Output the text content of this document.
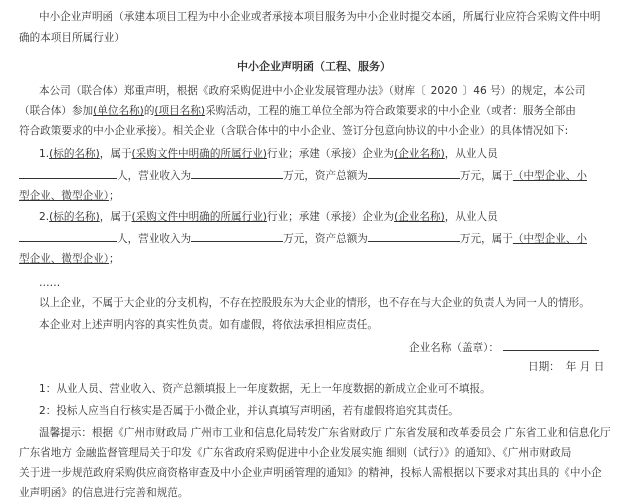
中小企业声明函（承建本项目工程为中小企业或者承接本项目服务为中小企业时提交本函，所属行业应符合采购文件中明
确的本项目所属行业）
中小企业声明函（工程、服务）
本公司（联合体）郑重声明，根据《政府采购促进中小企业发展管理办法》（财库〔 2020 〕46 号）的规定，本公司
（联合体）参加(单位名称)的(项目名称)采购活动，工程的施工单位全部为符合政策要求的中小企业（或者：服务全部由
符合政策要求的中小企业承接）。相关企业（含联合体中的中小企业、签订分包意向协议的中小企业）的具体情况如下:
1.(标的名称)，属于(采购文件中明确的所属行业)行业；承建（承接）企业为(企业名称)，从业人员
人，营业收入为	万元，资产总额为	万元，属于（中型企业、小
型企业、微型企业）；
2.(标的名称)，属于(采购文件中明确的所属行业)行业；承建（承接）企业为(企业名称)，从业人员
人，营业收入为	万元，资产总额为	万元，属于（中型企业、小
型企业、微型企业）；
……
以上企业，不属于大企业的分支机构，不存在控股股东为大企业的情形，也不存在与大企业的负责人为同一人的情形。
本企业对上述声明内容的真实性负责。如有虚假，将依法承担相应责任。
企业名称（盖章）：
日期： 年 月 日
1：从业人员、营业收入、资产总额填报上一年度数据，无上一年度数据的新成立企业可不填报。
2：投标人应当自行核实是否属于小微企业，并认真填写声明函，若有虚假将追究其责任。
温馨提示：根据《广州市财政局 广州市工业和信息化局转发广东省财政厅 广东省发展和改革委员会 广东省工业和信息化厅
广东省地方 金融监督管理局关于印发《广东省政府采购促进中小企业发展实施 细则（试行）》的通知》、《广州市财政局
关于进一步规范政府采购供应商资格审查及中小企业声明函管理的通知》的精神，投标人需根据以下要求对其出具的《中小企
业声明函》的信息进行完善和规范。
